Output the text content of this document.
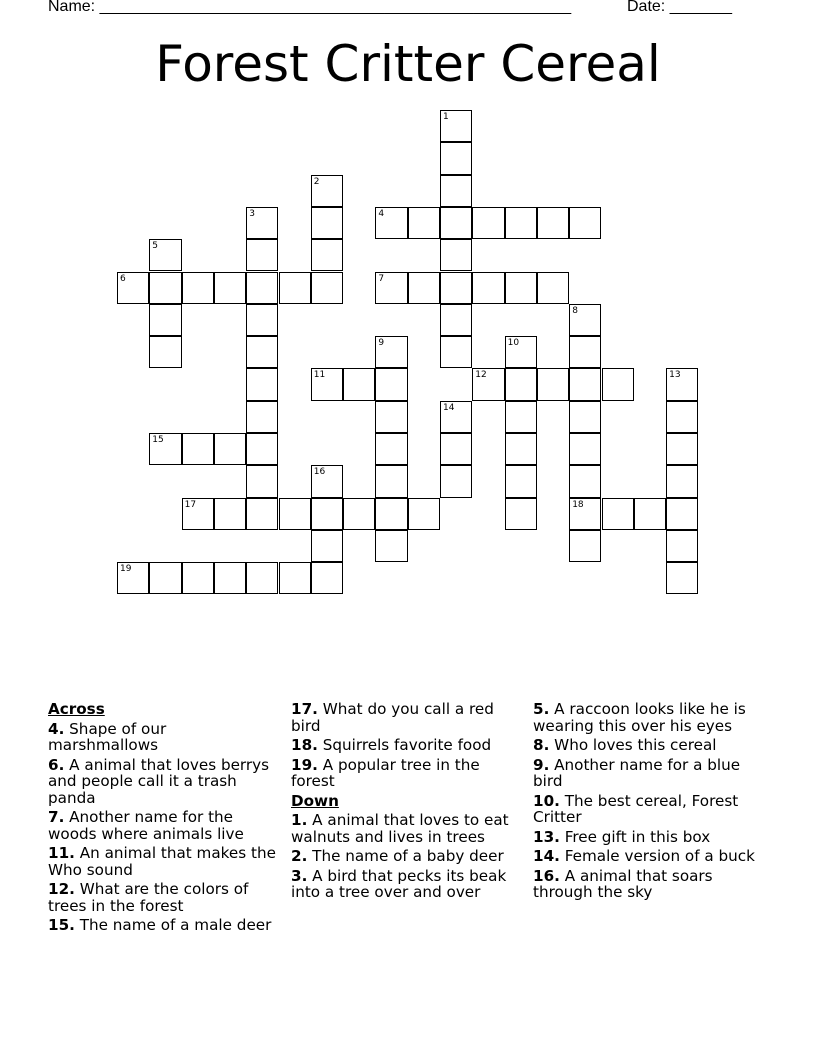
Name: _____________________________________________________	Date: _______
Forest Critter Cereal
1
2
3	4
5
6	7
8
18
9	10
11	12	13
14
15
16
17
19
Across
4. Shape of our marshmallows
6. A animal that loves berrys and people call it a trash panda
7. Another name for the woods where animals live
11. An animal that makes the Who sound
12. What are the colors of trees in the forest
15. The name of a male deer
17. What do you call a red bird
18. Squirrels favorite food
19. A popular tree in the forest
Down
1. A animal that loves to eat walnuts and lives in trees
2. The name of a baby deer
3. A bird that pecks its beak into a tree over and over
5. A raccoon looks like he is wearing this over his eyes
8. Who loves this cereal
9. Another name for a blue bird
10. The best cereal, Forest Critter
13. Free gift in this box
14. Female version of a buck
16. A animal that soars through the sky
